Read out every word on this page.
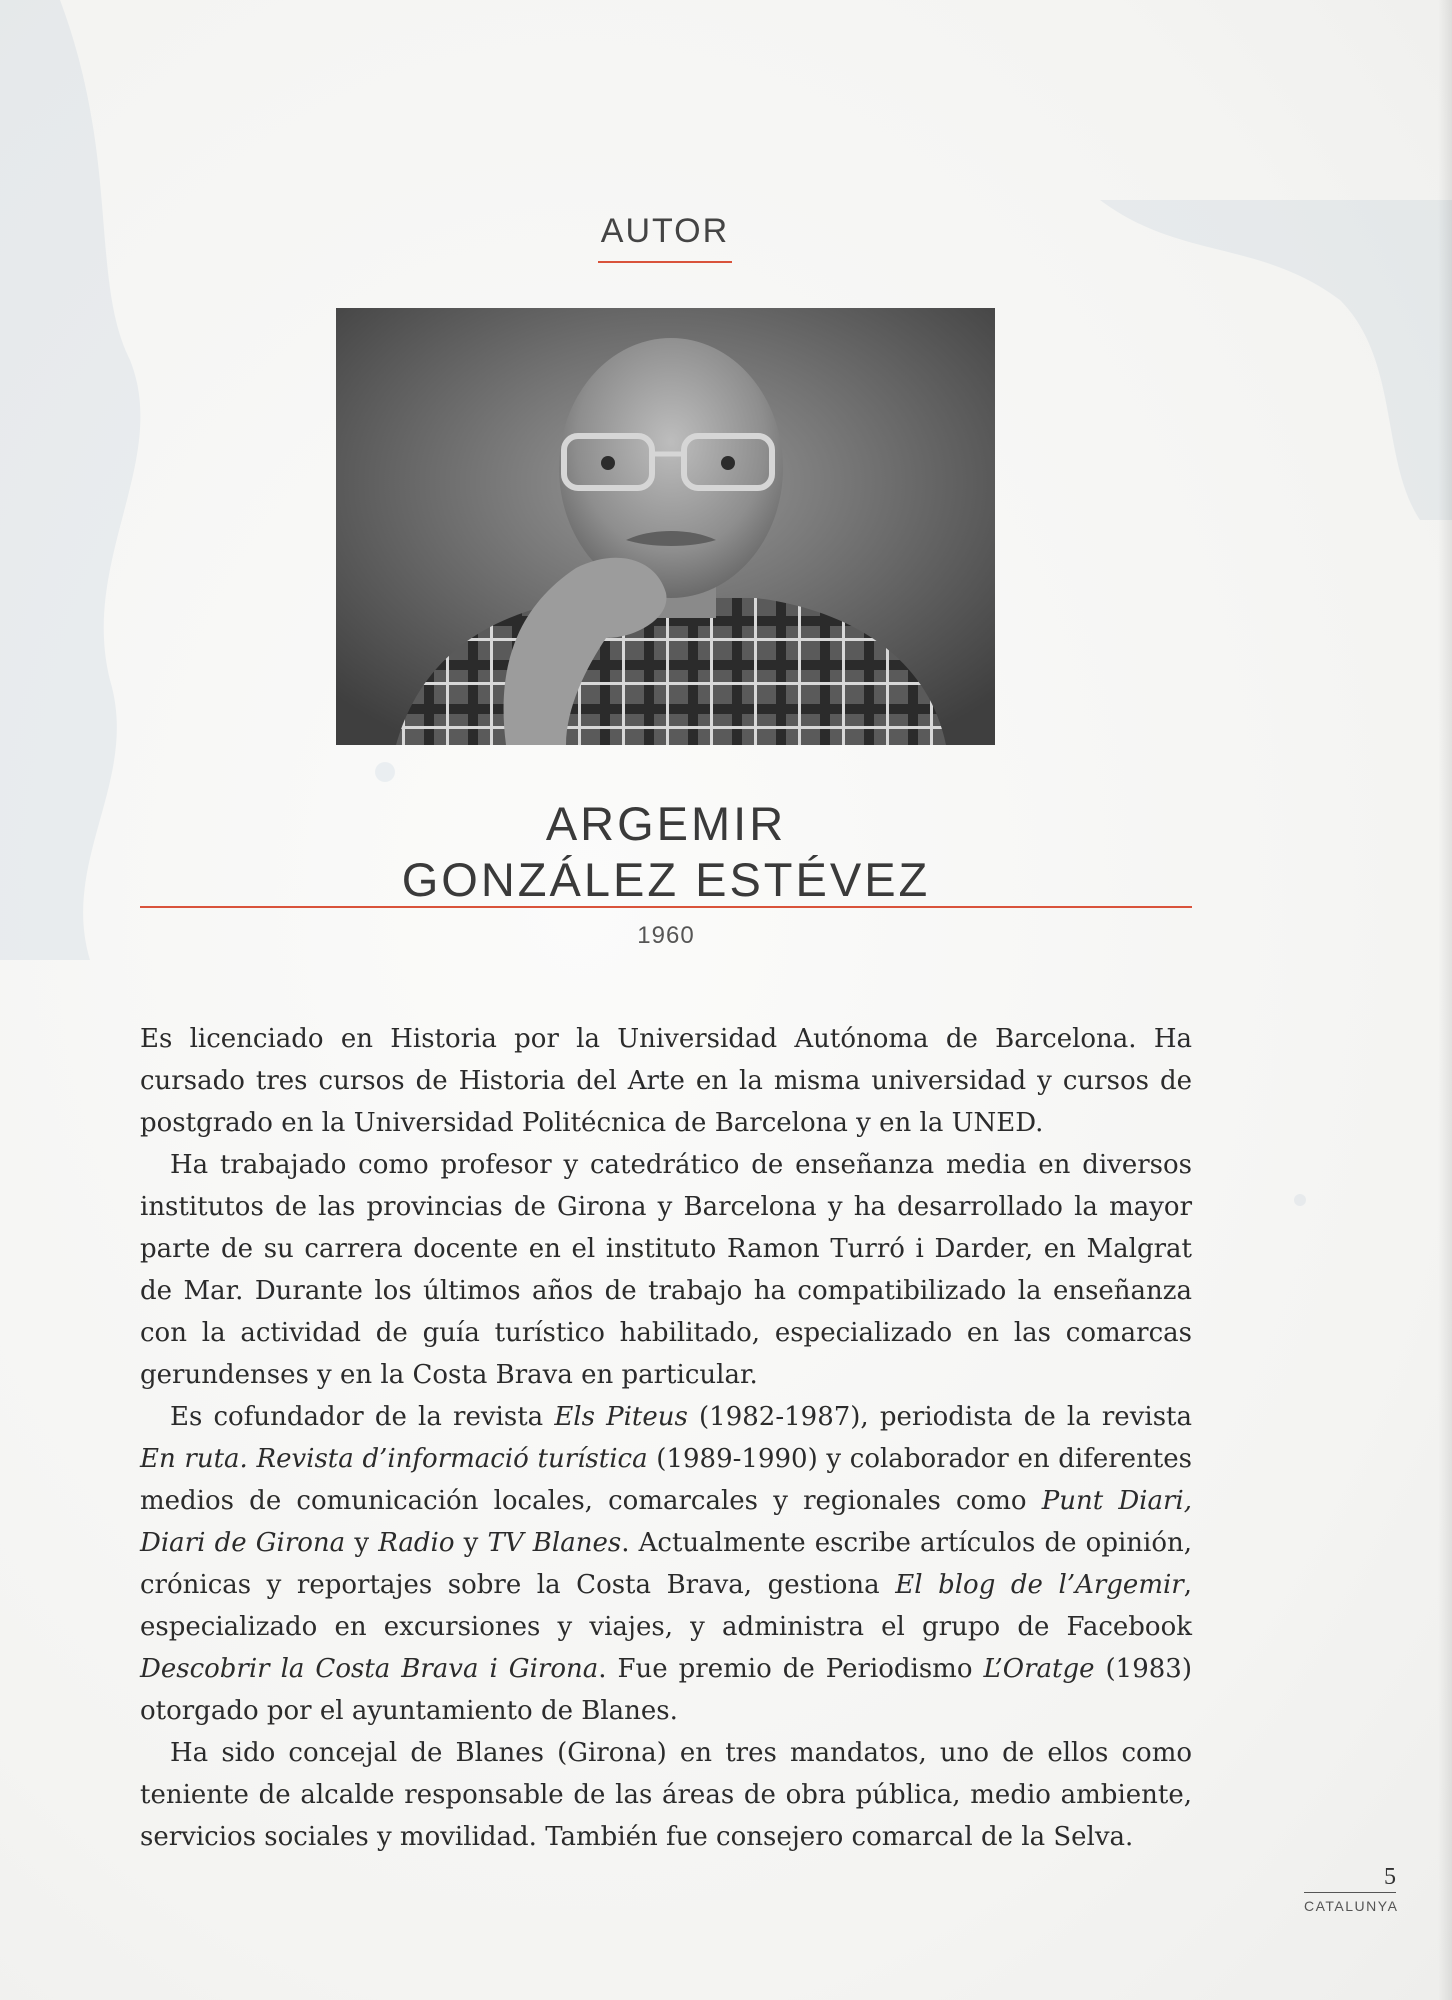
AUTOR
ARGEMIR
GONZÁLEZ ESTÉVEZ
1960

Es licenciado en Historia por la Universidad Autónoma de Barcelona. Ha cursado tres cursos de Historia del Arte en la misma universidad y cursos de postgrado en la Universidad Politécnica de Barcelona y en la UNED.

Ha trabajado como profesor y catedrático de enseñanza media en diversos institutos de las provincias de Girona y Barcelona y ha desarrollado la mayor parte de su carrera docente en el instituto Ramon Turró i Darder, en Malgrat de Mar. Durante los últimos años de trabajo ha compatibilizado la enseñanza con la actividad de guía turístico habilitado, especializado en las comarcas gerundenses y en la Costa Brava en particular.

Es cofundador de la revista Els Piteus (1982-1987), periodista de la revista En ruta. Revista d’informació turística (1989-1990) y colaborador en diferentes medios de comunicación locales, comarcales y regionales como Punt Diari, Diari de Girona y Radio y TV Blanes. Actualmente escribe artículos de opinión, crónicas y reportajes sobre la Costa Brava, gestiona El blog de l’Argemir, especializado en excursiones y viajes, y administra el grupo de Facebook Descobrir la Costa Brava i Girona. Fue premio de Periodismo L’Oratge (1983) otorgado por el ayuntamiento de Blanes.

Ha sido concejal de Blanes (Girona) en tres mandatos, uno de ellos como teniente de alcalde responsable de las áreas de obra pública, medio ambiente, servicios sociales y movilidad. También fue consejero comarcal de la Selva.

5
CATALUNYA
